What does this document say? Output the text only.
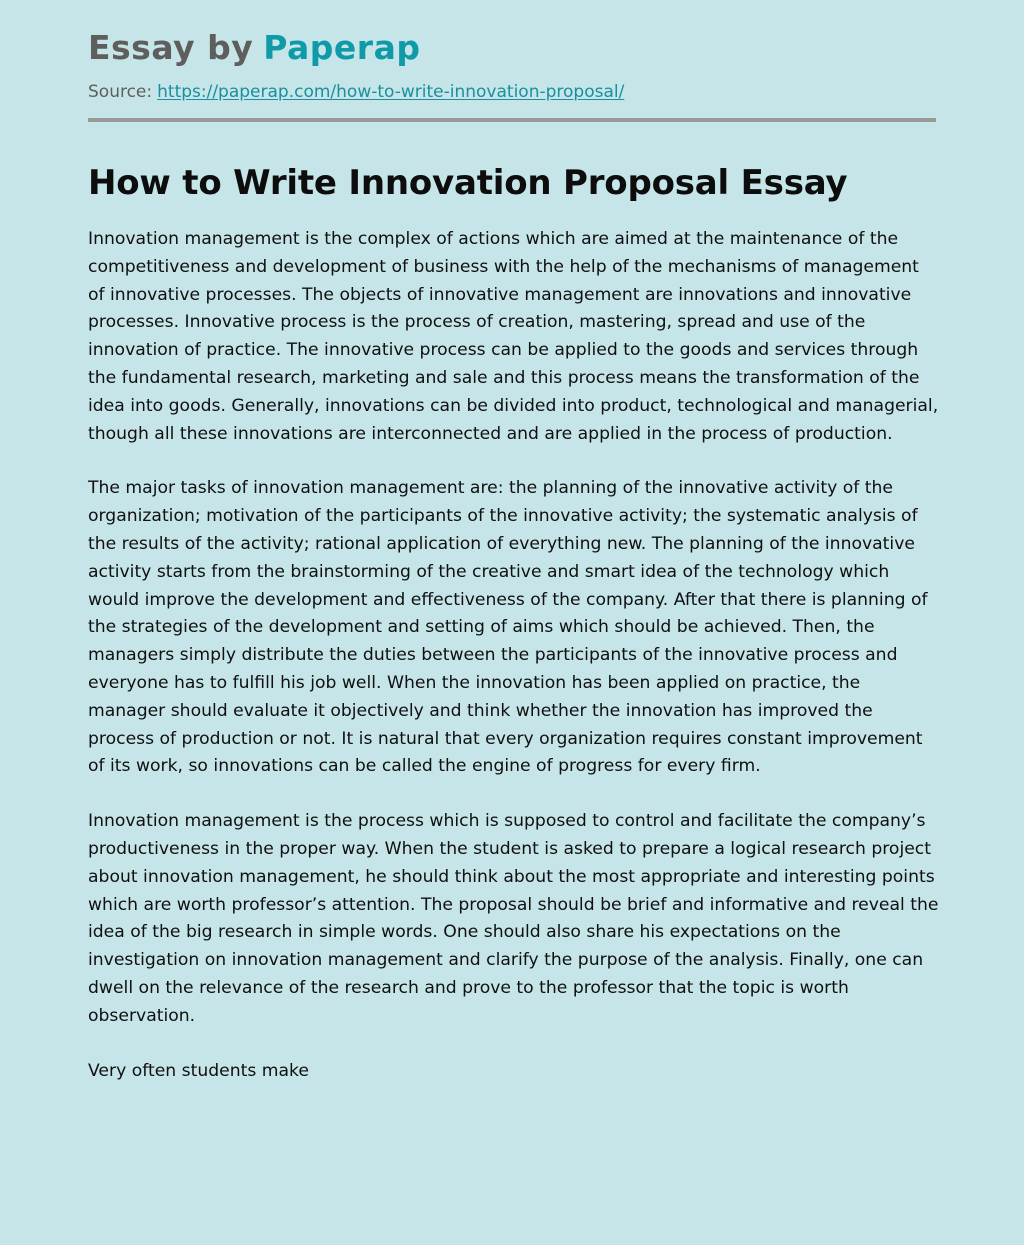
Essay by Paperap
Source: https://paperap.com/how-to-write-innovation-proposal/
How to Write Innovation Proposal Essay

Innovation management is the complex of actions which are aimed at the maintenance of the competitiveness and development of business with the help of the mechanisms of management of innovative processes. The objects of innovative management are innovations and innovative processes. Innovative process is the process of creation, mastering, spread and use of the innovation of practice. The innovative process can be applied to the goods and services through the fundamental research, marketing and sale and this process means the transformation of the idea into goods. Generally, innovations can be divided into product, technological and managerial, though all these innovations are interconnected and are applied in the process of production.

The major tasks of innovation management are: the planning of the innovative activity of the organization; motivation of the participants of the innovative activity; the systematic analysis of the results of the activity; rational application of everything new. The planning of the innovative activity starts from the brainstorming of the creative and smart idea of the technology which would improve the development and effectiveness of the company. After that there is planning of the strategies of the development and setting of aims which should be achieved. Then, the managers simply distribute the duties between the participants of the innovative process and everyone has to fulfill his job well. When the innovation has been applied on practice, the manager should evaluate it objectively and think whether the innovation has improved the process of production or not. It is natural that every organization requires constant improvement of its work, so innovations can be called the engine of progress for every firm.

Innovation management is the process which is supposed to control and facilitate the company’s productiveness in the proper way. When the student is asked to prepare a logical research project about innovation management, he should think about the most appropriate and interesting points which are worth professor’s attention. The proposal should be brief and informative and reveal the idea of the big research in simple words. One should also share his expectations on the investigation on innovation management and clarify the purpose of the analysis. Finally, one can dwell on the relevance of the research and prove to the professor that the topic is worth observation.

Very often students make
